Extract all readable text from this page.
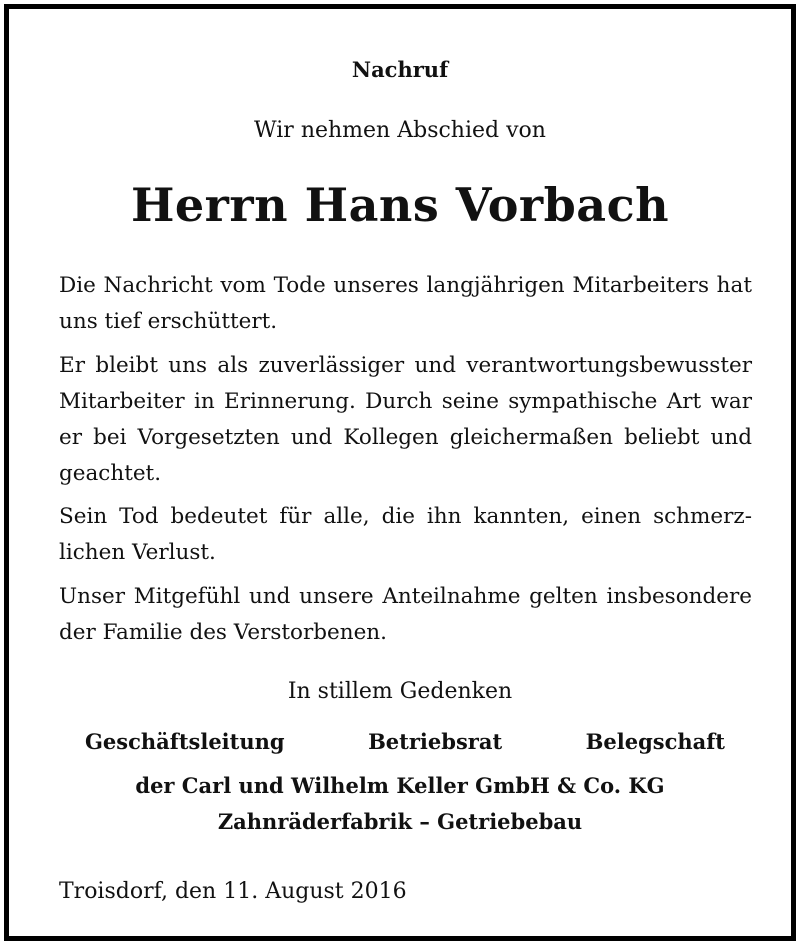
Nachruf

Wir nehmen Abschied von

Herrn Hans Vorbach

Die Nachricht vom Tode unseres langjährigen Mitarbeiters hat uns tief erschüttert.

Er bleibt uns als zuverlässiger und verantwortungsbewusster Mitarbeiter in Erinnerung. Durch seine sympathische Art war er bei Vorgesetzten und Kollegen gleichermaßen beliebt und geachtet.

Sein Tod bedeutet für alle, die ihn kannten, einen schmerzlichen Verlust.

Unser Mitgefühl und unsere Anteilnahme gelten insbesondere der Familie des Verstorbenen.

In stillem Gedenken

Geschäftsleitung	Betriebsrat	Belegschaft

der Carl und Wilhelm Keller GmbH & Co. KG

Zahnräderfabrik – Getriebebau

Troisdorf, den 11. August 2016
